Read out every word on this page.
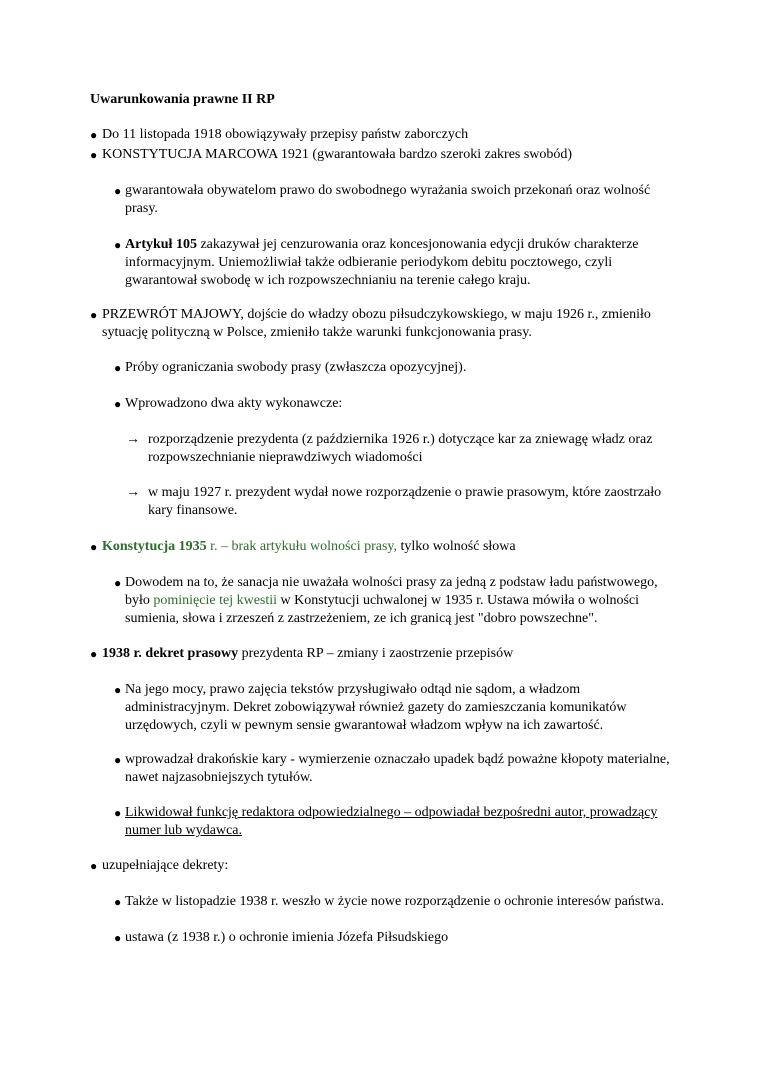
Uwarunkowania prawne II RP
● Do 11 listopada 1918 obowiązywały przepisy państw zaborczych
● KONSTYTUCJA MARCOWA 1921 (gwarantowała bardzo szeroki zakres swobód)
● gwarantowała obywatelom prawo do swobodnego wyrażania swoich przekonań oraz wolność prasy.
● Artykuł 105 zakazywał jej cenzurowania oraz koncesjonowania edycji druków charakterze informacyjnym. Uniemożliwiał także odbieranie periodykom debitu pocztowego, czyli gwarantował swobodę w ich rozpowszechnianiu na terenie całego kraju.
● PRZEWRÓT MAJOWY, dojście do władzy obozu piłsudczykowskiego, w maju 1926 r., zmieniło sytuację polityczną w Polsce, zmieniło także warunki funkcjonowania prasy.
● Próby ograniczania swobody prasy (zwłaszcza opozycyjnej).
● Wprowadzono dwa akty wykonawcze:
→ rozporządzenie prezydenta (z października 1926 r.) dotyczące kar za zniewagę władz oraz rozpowszechnianie nieprawdziwych wiadomości
→ w maju 1927 r. prezydent wydał nowe rozporządzenie o prawie prasowym, które zaostrzało kary finansowe.
● Konstytucja 1935 r. – brak artykułu wolności prasy, tylko wolność słowa
● Dowodem na to, że sanacja nie uważała wolności prasy za jedną z podstaw ładu państwowego, było pominięcie tej kwestii w Konstytucji uchwalonej w 1935 r. Ustawa mówiła o wolności sumienia, słowa i zrzeszeń z zastrzeżeniem, ze ich granicą jest "dobro powszechne".
● 1938 r. dekret prasowy prezydenta RP – zmiany i zaostrzenie przepisów
● Na jego mocy, prawo zajęcia tekstów przysługiwało odtąd nie sądom, a władzom administracyjnym. Dekret zobowiązywał również gazety do zamieszczania komunikatów urzędowych, czyli w pewnym sensie gwarantował władzom wpływ na ich zawartość.
● wprowadzał drakońskie kary - wymierzenie oznaczało upadek bądź poważne kłopoty materialne, nawet najzasobniejszych tytułów.
● Likwidował funkcję redaktora odpowiedzialnego – odpowiadał bezpośredni autor, prowadzący numer lub wydawca.
● uzupełniające dekrety:
● Także w listopadzie 1938 r. weszło w życie nowe rozporządzenie o ochronie interesów państwa.
● ustawa (z 1938 r.) o ochronie imienia Józefa Piłsudskiego
